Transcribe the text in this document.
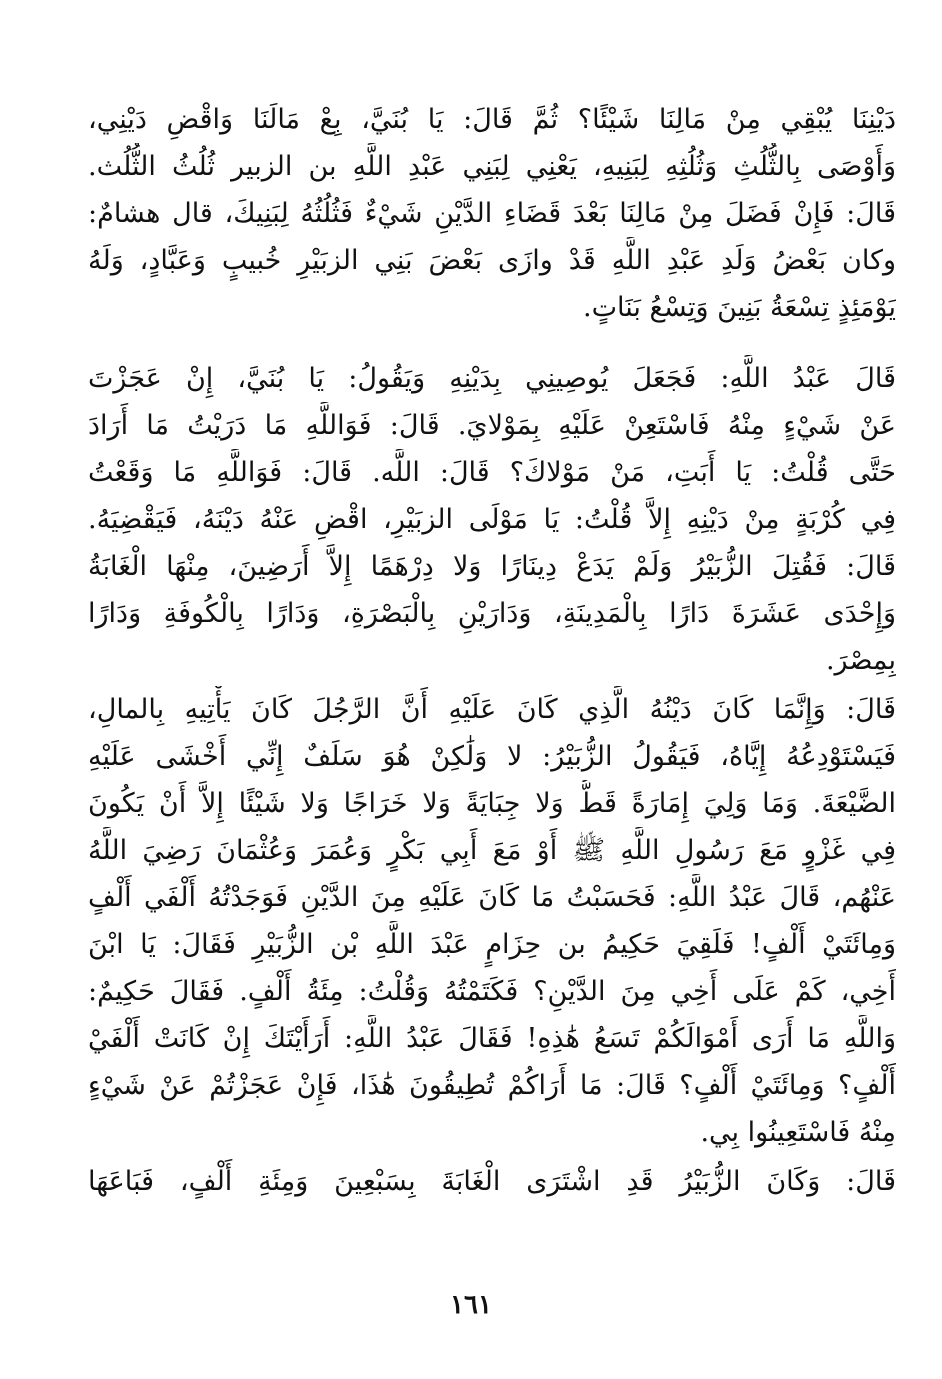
دَيْنِنَا يُبْقِي مِنْ مَالِنَا شَيْئًا؟ ثُمَّ قَالَ: يَا بُنَيَّ، بِعْ مَالَنَا وَاقْضِ دَيْنِي،
وَأَوْصَى بِالثُّلُثِ وَثُلُثِهِ لِبَنِيهِ، يَعْنِي لِبَنِي عَبْدِ اللَّهِ بن الزبير ثُلُثُ الثُّلُث.
قَالَ: فَإِنْ فَضَلَ مِنْ مَالِنَا بَعْدَ قَضَاءِ الدَّيْنِ شَيْءٌ فَثُلُثُهُ لِبَنِيكَ، قال هشامٌ:
وكان بَعْضُ وَلَدِ عَبْدِ اللَّهِ قَدْ وازَى بَعْضَ بَنِي الزبَيْرِ خُبيبٍ وَعَبَّادٍ، وَلَهُ
يَوْمَئِذٍ تِسْعَةُ بَنِينَ وَتِسْعُ بَنَاتٍ.
قَالَ عَبْدُ اللَّهِ: فَجَعَلَ يُوصِينِي بِدَيْنِهِ وَيَقُولُ: يَا بُنَيَّ، إِنْ عَجَزْتَ
عَنْ شَيْءٍ مِنْهُ فَاسْتَعِنْ عَلَيْهِ بِمَوْلايَ. قَالَ: فَوَاللَّهِ مَا دَرَيْتُ مَا أَرَادَ
حَتَّى قُلْتُ: يَا أَبَتِ، مَنْ مَوْلاكَ؟ قَالَ: اللَّه. قَالَ: فَوَاللَّهِ مَا وَقَعْتُ
فِي كُرْبَةٍ مِنْ دَيْنِهِ إِلاَّ قُلْتُ: يَا مَوْلَى الزبَيْرِ، اقْضِ عَنْهُ دَيْنَهُ، فَيَقْضِيَهُ.
قَالَ: فَقُتِلَ الزُّبَيْرُ وَلَمْ يَدَعْ دِينَارًا وَلا دِرْهَمًا إِلاَّ أَرَضِينَ، مِنْهَا الْغَابَةُ
وَإِحْدَى عَشَرَةَ دَارًا بِالْمَدِينَةِ، وَدَارَيْنِ بِالْبَصْرَةِ، وَدَارًا بِالْكُوفَةِ وَدَارًا
بِمِصْرَ.
قَالَ: وَإِنَّمَا كَانَ دَيْنُهُ الَّذِي كَانَ عَلَيْهِ أَنَّ الرَّجُلَ كَانَ يَأْتِيهِ بِالمالِ،
فَيَسْتَوْدِعُهُ إِيَّاهُ، فَيَقُولُ الزُّبَيْرُ: لا وَلَٰكِنْ هُوَ سَلَفٌ إِنِّي أَخْشَى عَلَيْهِ
الضَّيْعَةَ. وَمَا وَلِيَ إِمَارَةً قَطُّ وَلا جِبَايَةً وَلا خَرَاجًا وَلا شَيْئًا إِلاَّ أَنْ يَكُونَ
فِي غَزْوٍ مَعَ رَسُولِ اللَّهِ ﷺ أَوْ مَعَ أَبِي بَكْرٍ وَعُمَرَ وَعُثْمَانَ رَضِيَ اللَّهُ
عَنْهُم، قَالَ عَبْدُ اللَّهِ: فَحَسَبْتُ مَا كَانَ عَلَيْهِ مِنَ الدَّيْنِ فَوَجَدْتُهُ أَلْفَي أَلْفٍ
وَمِائَتَيْ أَلْفٍ! فَلَقِيَ حَكِيمُ بن حِزَامٍ عَبْدَ اللَّهِ بْن الزُّبَيْرِ فَقَالَ: يَا ابْنَ
أَخِي، كَمْ عَلَى أَخِي مِنَ الدَّيْنِ؟ فَكَتَمْتُهُ وَقُلْتُ: مِئَةُ أَلْفٍ. فَقَالَ حَكِيمٌ:
وَاللَّهِ مَا أَرَى أَمْوَالَكُمْ تَسَعُ هَٰذِهِ! فَقَالَ عَبْدُ اللَّهِ: أَرَأَيْتَكَ إِنْ كَانَتْ أَلْفَيْ
أَلْفٍ؟ وَمِائَتَيْ أَلْفٍ؟ قَالَ: مَا أَرَاكُمْ تُطِيقُونَ هَٰذَا، فَإِنْ عَجَزْتُمْ عَنْ شَيْءٍ
مِنْهُ فَاسْتَعِينُوا بِي.
قَالَ: وَكَانَ الزُّبَيْرُ قَدِ اشْتَرَى الْغَابَةَ بِسَبْعِينَ وَمِئَةِ أَلْفٍ، فَبَاعَهَا
١٦١
